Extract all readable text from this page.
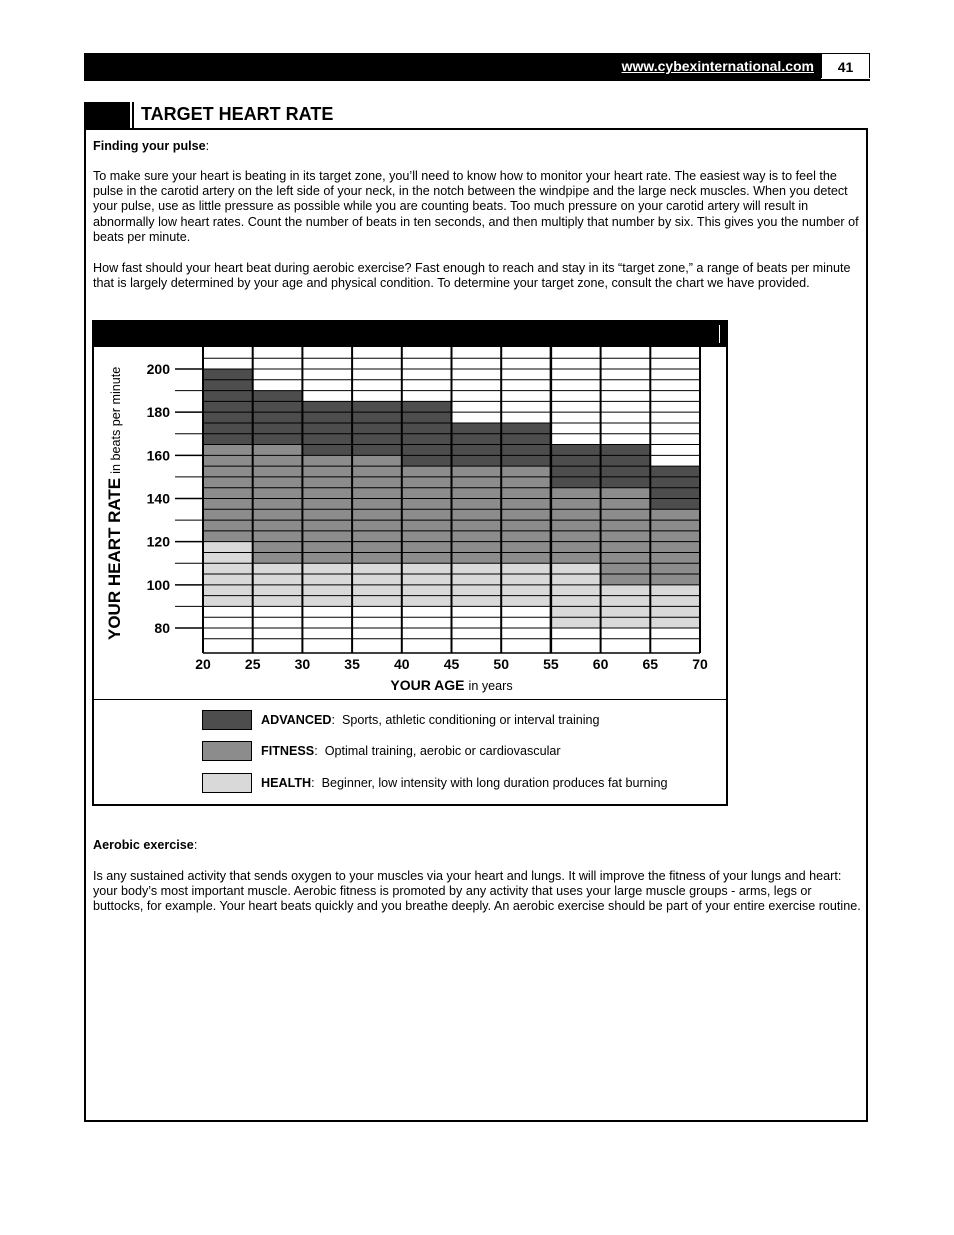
www.cybexinternational.com	41
TARGET HEART RATE

Finding your pulse:

To make sure your heart is beating in its target zone, you’ll need to know how to monitor your heart rate. The easiest way is to feel the pulse in the carotid artery on the left side of your neck, in the notch between the windpipe and the large neck muscles. When you detect your pulse, use as little pressure as possible while you are counting beats. Too much pressure on your carotid artery will result in abnormally low heart rates. Count the number of beats in ten seconds, and then multiply that number by six. This gives you the number of beats per minute.

How fast should your heart beat during aerobic exercise? Fast enough to reach and stay in its “target zone,” a range of beats per minute that is largely determined by your age and physical condition. To determine your target zone, consult the chart we have provided.

80
100
120
140
160
180
200
20 25 30 35 40 45 50 55 60 65 70
YOUR AGE in years
YOUR HEART RATEin beats per minute
ADVANCED:  Sports, athletic conditioning or interval training
FITNESS:  Optimal training, aerobic or cardiovascular
HEALTH:  Beginner, low intensity with long duration produces fat burning

Aerobic exercise:

Is any sustained activity that sends oxygen to your muscles via your heart and lungs. It will improve the fitness of your lungs and heart: your body’s most important muscle. Aerobic fitness is promoted by any activity that uses your large muscle groups - arms, legs or buttocks, for example. Your heart beats quickly and you breathe deeply. An aerobic exercise should be part of your entire exercise routine.
